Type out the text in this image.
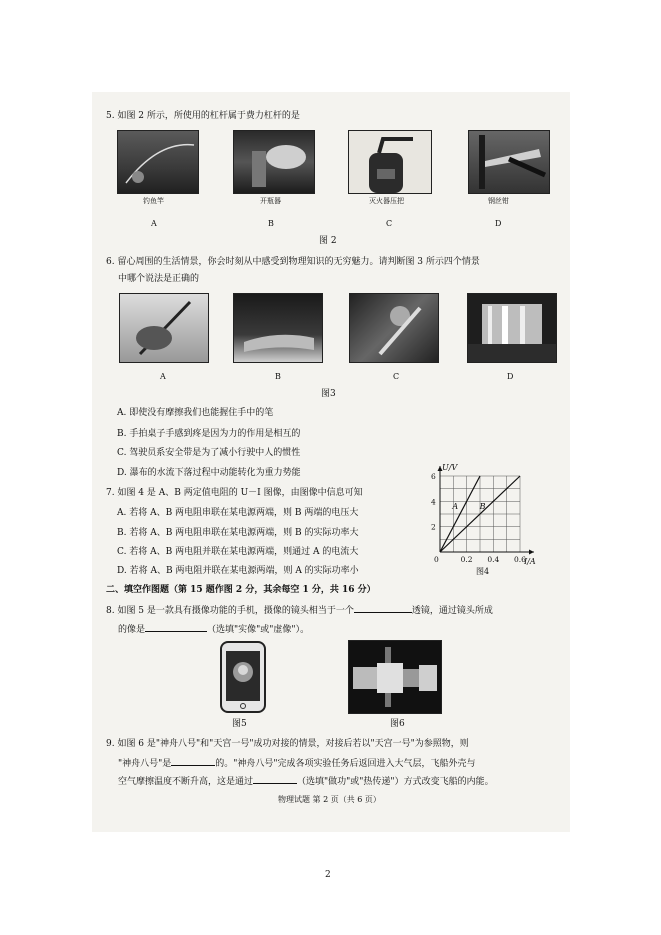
5. 如图 2 所示，所使用的杠杆属于费力杠杆的是
钓鱼竿
A
开瓶器
B
灭火器压把
C
钢丝钳
D
图 2
6. 留心周围的生活情景，你会时刻从中感受到物理知识的无穷魅力。请判断图 3 所示四个情景
中哪个说法是正确的
A	B	C	D
图3
A. 即使没有摩擦我们也能握住手中的笔
B. 手拍桌子手感到疼是因为力的作用是相互的
C. 驾驶员系安全带是为了减小行驶中人的惯性
D. 瀑布的水流下落过程中动能转化为重力势能
7. 如图 4 是 A、B 两定值电阻的 U－I 图像，由图像中信息可知
A. 若将 A、B 两电阻串联在某电源两端，则 B 两端的电压大
B. 若将 A、B 两电阻串联在某电源两端，则 B 的实际功率大
C. 若将 A、B 两电阻并联在某电源两端，则通过 A 的电流大
D. 若将 A、B 两电阻并联在某电源两端，则 A 的实际功率小
A	B
0	0.2 0.4 0.6
2
4
6
U/V
I/A
图4
二、填空作图题（第 15 题作图 2 分，其余每空 1 分，共 16 分）
8. 如图 5 是一款具有摄像功能的手机，摄像的镜头相当于一个	透镜，通过镜头所成
的像是	（选填"实像"或"虚像"）。
图5	图6
9. 如图 6 是"神舟八号"和"天宫一号"成功对接的情景，对接后若以"天宫一号"为参照物，则
"神舟八号"是	的。"神舟八号"完成各项实验任务后返回进入大气层，飞船外壳与
空气摩擦温度不断升高，这是通过	（选填"做功"或"热传递"）方式改变飞船的内能。
物理试题 第 2 页（共 6 页）
2
